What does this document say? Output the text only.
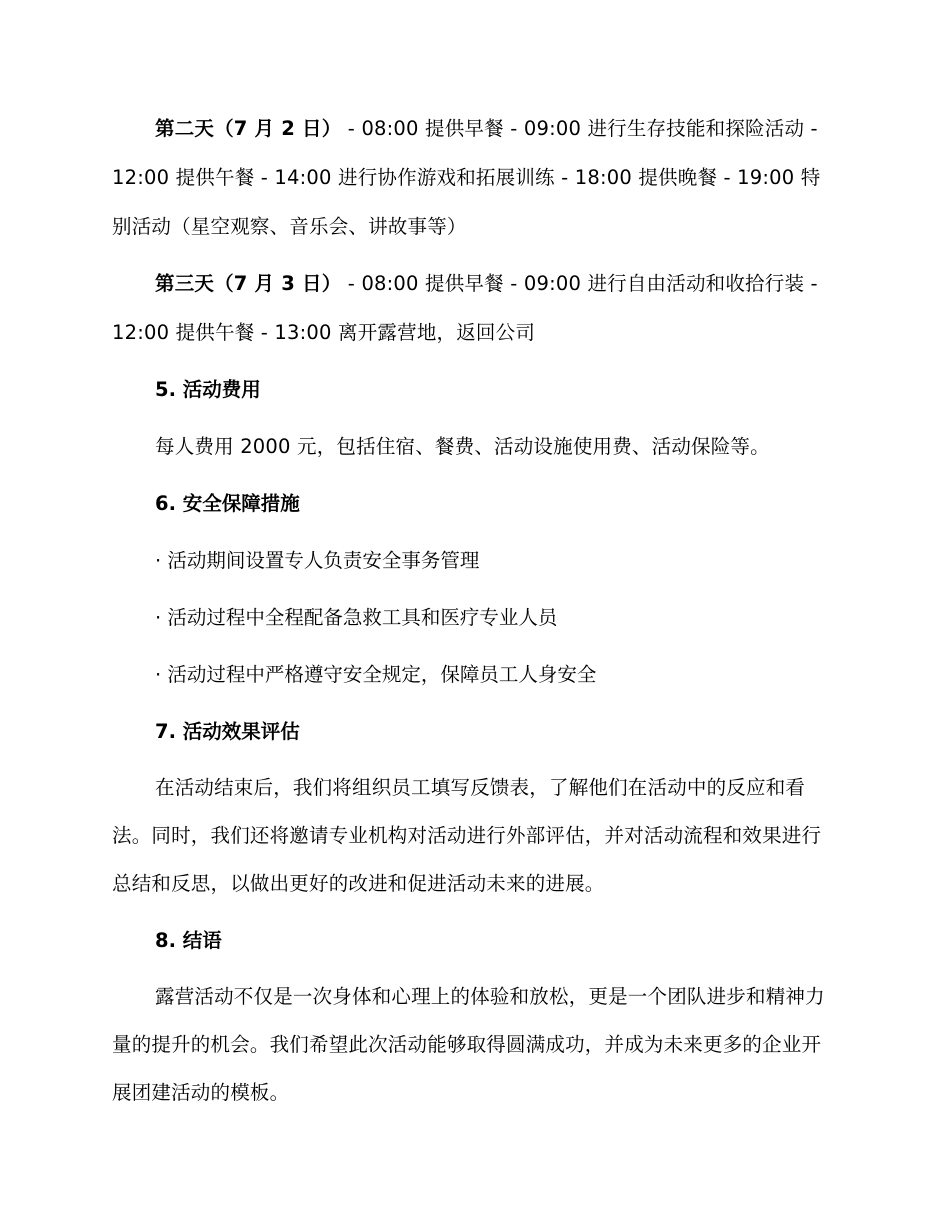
第二天（7 月 2 日） - 08:00 提供早餐 - 09:00 进行生存技能和探险活动 - 12:00 提供午餐 - 14:00 进行协作游戏和拓展训练 - 18:00 提供晚餐 - 19:00 特别活动（星空观察、音乐会、讲故事等）

第三天（7 月 3 日） - 08:00 提供早餐 - 09:00 进行自由活动和收拾行装 - 12:00 提供午餐 - 13:00 离开露营地，返回公司

5. 活动费用

每人费用 2000 元，包括住宿、餐费、活动设施使用费、活动保险等。

6. 安全保障措施
· 活动期间设置专人负责安全事务管理
· 活动过程中全程配备急救工具和医疗专业人员
· 活动过程中严格遵守安全规定，保障员工人身安全
7. 活动效果评估

在活动结束后，我们将组织员工填写反馈表，了解他们在活动中的反应和看法。同时，我们还将邀请专业机构对活动进行外部评估，并对活动流程和效果进行总结和反思，以做出更好的改进和促进活动未来的进展。

8. 结语

露营活动不仅是一次身体和心理上的体验和放松，更是一个团队进步和精神力量的提升的机会。我们希望此次活动能够取得圆满成功，并成为未来更多的企业开展团建活动的模板。
